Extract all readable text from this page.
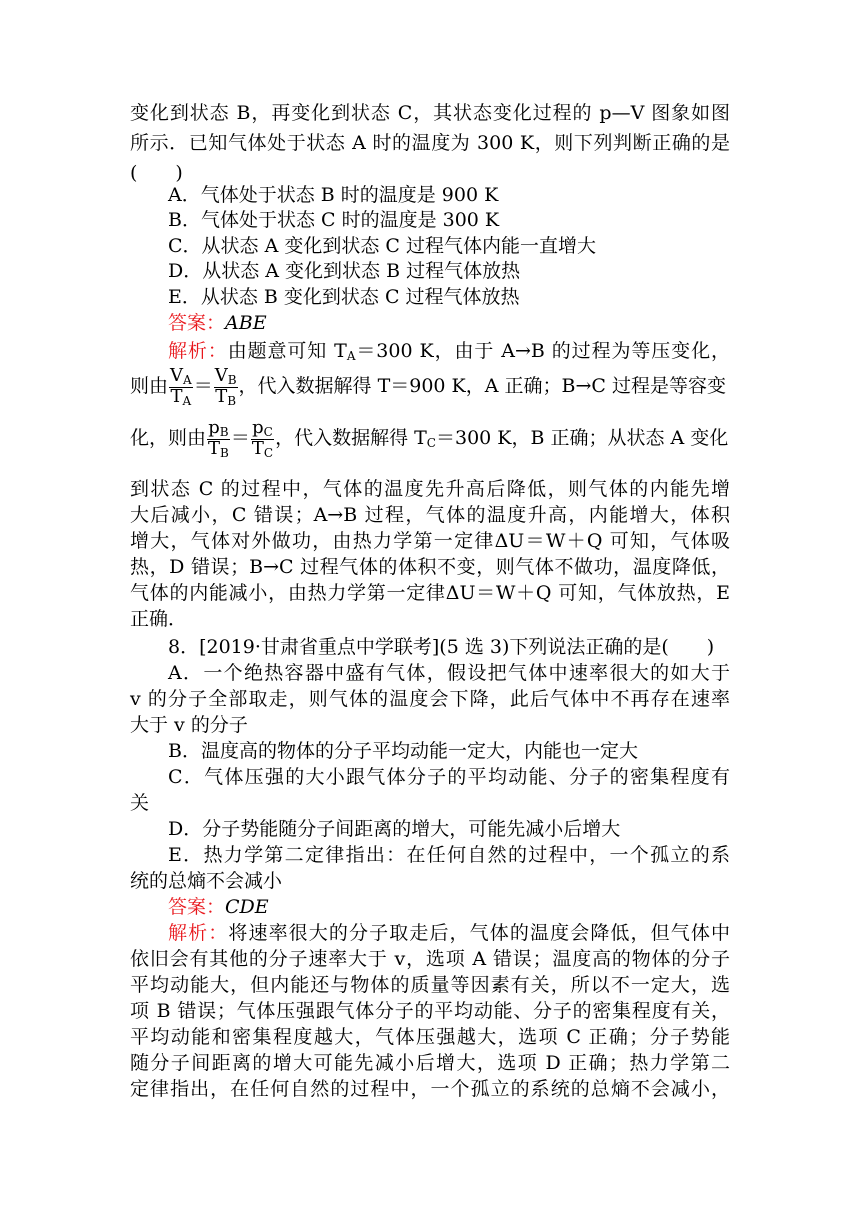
变化到状态 B，再变化到状态 C，其状态变化过程的 p—V 图象如图
所示．已知气体处于状态 A 时的温度为 300 K，则下列判断正确的是
(　　)
A．气体处于状态 B 时的温度是 900 K
B．气体处于状态 C 时的温度是 300 K
C．从状态 A 变化到状态 C 过程气体内能一直增大
D．从状态 A 变化到状态 B 过程气体放热
E．从状态 B 变化到状态 C 过程气体放热
答案：ABE
解析：由题意可知 $T_A=300$ K，由于 A→B 的过程为等压变化，
则由 $\frac{V_A}{T_A} = \frac{V_B}{T_B}$ ，代入数据解得 T＝900 K，A 正确；B→C 过程是等容变
化，则由 $\frac{p_B}{T_B} = \frac{p_C}{T_C}$ ，代入数据解得 $T_C=300$ K，B 正确；从状态 A 变化
到状态 C 的过程中，气体的温度先升高后降低，则气体的内能先增
大后减小，C 错误；A→B 过程，气体的温度升高，内能增大，体积
增大，气体对外做功，由热力学第一定律ΔU＝W＋Q 可知，气体吸
热，D 错误；B→C 过程气体的体积不变，则气体不做功，温度降低，
气体的内能减小，由热力学第一定律ΔU＝W＋Q 可知，气体放热，E
正确．
8．[2019·甘肃省重点中学联考](5 选 3)下列说法正确的是(　　)
A．一个绝热容器中盛有气体，假设把气体中速率很大的如大于
v 的分子全部取走，则气体的温度会下降，此后气体中不再存在速率
大于 v 的分子
B．温度高的物体的分子平均动能一定大，内能也一定大
C．气体压强的大小跟气体分子的平均动能、分子的密集程度有
关
D．分子势能随分子间距离的增大，可能先减小后增大
E．热力学第二定律指出：在任何自然的过程中，一个孤立的系
统的总熵不会减小
答案：CDE
解析：将速率很大的分子取走后，气体的温度会降低，但气体中
依旧会有其他的分子速率大于 v，选项 A 错误；温度高的物体的分子
平均动能大，但内能还与物体的质量等因素有关，所以不一定大，选
项 B 错误；气体压强跟气体分子的平均动能、分子的密集程度有关，
平均动能和密集程度越大，气体压强越大，选项 C 正确；分子势能
随分子间距离的增大可能先减小后增大，选项 D 正确；热力学第二
定律指出，在任何自然的过程中，一个孤立的系统的总熵不会减小，
